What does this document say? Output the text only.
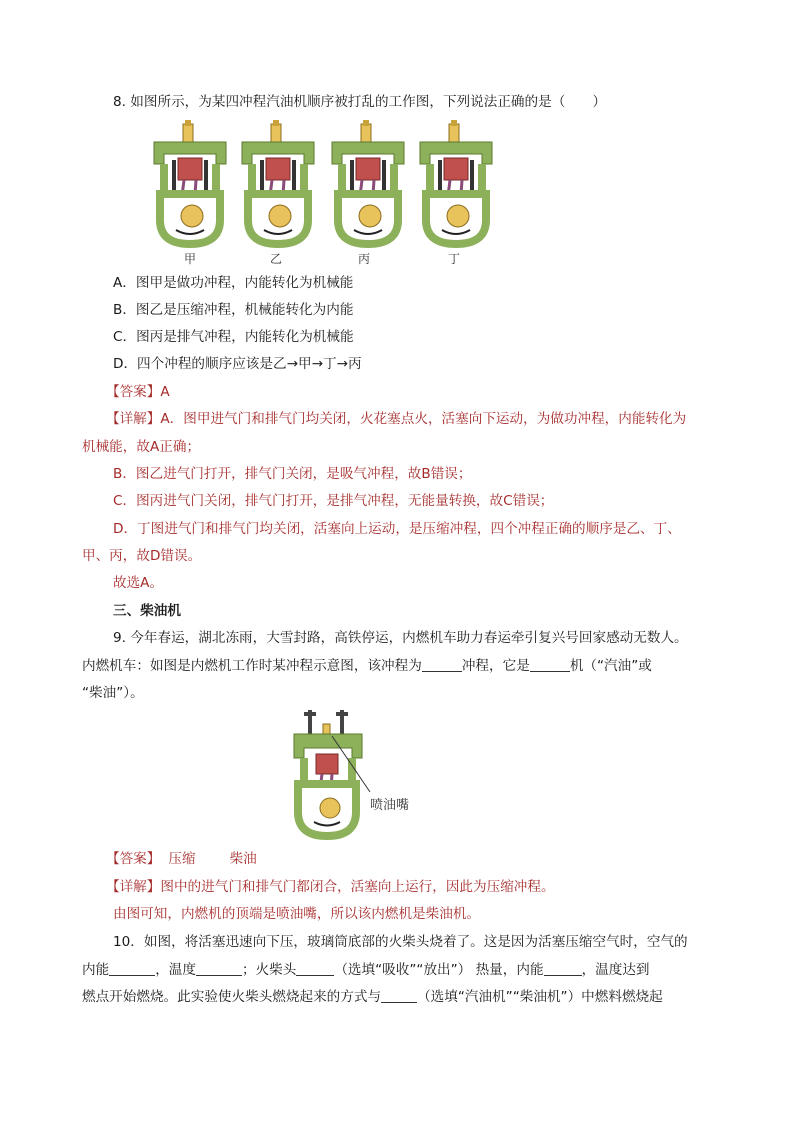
8. 如图所示，为某四冲程汽油机顺序被打乱的工作图，下列说法正确的是（　　）
甲	乙	丙	丁
A．图甲是做功冲程，内能转化为机械能
B．图乙是压缩冲程，机械能转化为内能
C．图丙是排气冲程，内能转化为机械能
D．四个冲程的顺序应该是乙→甲→丁→丙
【答案】A
【详解】A．图甲进气门和排气门均关闭，火花塞点火，活塞向下运动，为做功冲程，内能转化为
机械能，故A正确；
B．图乙进气门打开，排气门关闭，是吸气冲程，故B错误；
C．图丙进气门关闭，排气门打开，是排气冲程，无能量转换，故C错误；
D．丁图进气门和排气门均关闭，活塞向上运动，是压缩冲程，四个冲程正确的顺序是乙、丁、
甲、丙，故D错误。
故选A。
三、柴油机
9. 今年春运，湖北冻雨，大雪封路，高铁停运，内燃机车助力春运牵引复兴号回家感动无数人。
内燃机车：如图是内燃机工作时某冲程示意图，该冲程为	冲程，它是	机（“汽油”或
“柴油”）。
喷油嘴
【答案】 压缩	柴油
【详解】图中的进气门和排气门都闭合，活塞向上运行，因此为压缩冲程。
由图可知，内燃机的顶端是喷油嘴，所以该内燃机是柴油机。
10．如图，将活塞迅速向下压，玻璃筒底部的火柴头烧着了。这是因为活塞压缩空气时，空气的
内能	，温度	；火柴头	（选填“吸收”“放出”） 热量，内能	，温度达到
燃点开始燃烧。此实验使火柴头燃烧起来的方式与	（选填“汽油机”“柴油机”）中燃料燃烧起
